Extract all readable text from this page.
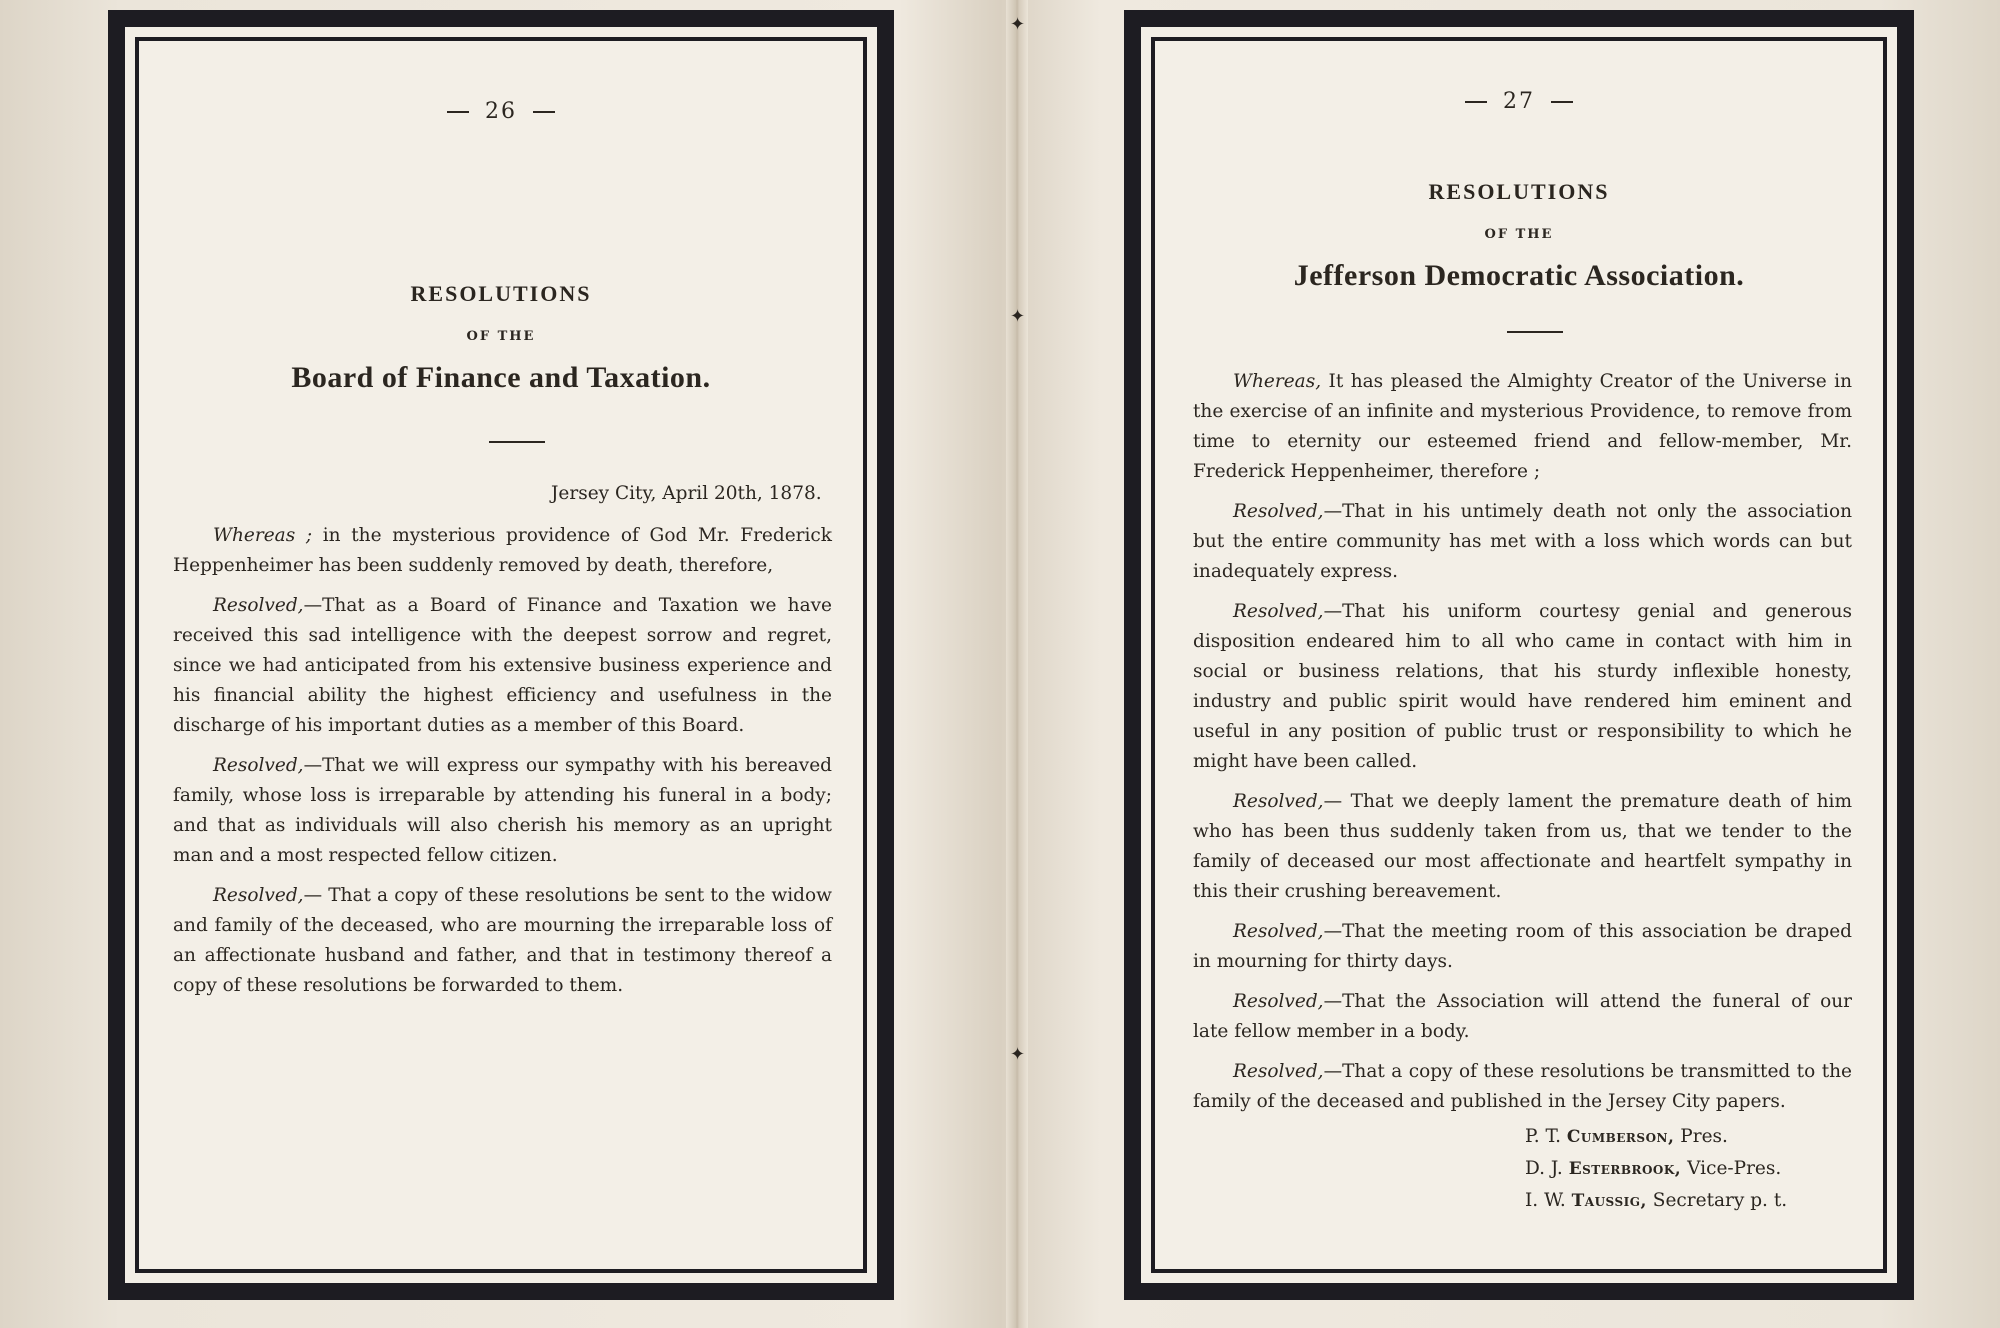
✦
✦
✦
26
RESOLUTIONS
OF THE
Board of Finance and Taxation.
Jersey City, April 20th, 1878.

Whereas ; in the mysterious providence of God Mr. Frederick Heppenheimer has been suddenly removed by death, therefore,

Resolved,—That as a Board of Finance and Taxation we have received this sad intelligence with the deepest sorrow and regret, since we had anticipated from his extensive business experience and his financial ability the highest efficiency and usefulness in the discharge of his important duties as a member of this Board.

Resolved,—That we will express our sympathy with his bereaved family, whose loss is irreparable by attending his funeral in a body; and that as individuals will also cherish his memory as an upright man and a most respected fellow citizen.

Resolved,— That a copy of these resolutions be sent to the widow and family of the deceased, who are mourning the irreparable loss of an affectionate husband and father, and that in testimony thereof a copy of these resolutions be forwarded to them.

27
RESOLUTIONS
OF THE
Jefferson Democratic Association.

Whereas, It has pleased the Almighty Creator of the Universe in the exercise of an infinite and mysterious Providence, to remove from time to eternity our esteemed friend and fellow-member, Mr. Frederick Heppenheimer, therefore ;

Resolved,—That in his untimely death not only the association but the entire community has met with a loss which words can but inadequately express.

Resolved,—That his uniform courtesy genial and generous disposition endeared him to all who came in contact with him in social or business relations, that his sturdy inflexible honesty, industry and public spirit would have rendered him eminent and useful in any position of public trust or responsibility to which he might have been called.

Resolved,— That we deeply lament the premature death of him who has been thus suddenly taken from us, that we tender to the family of deceased our most affectionate and heartfelt sympathy in this their crushing bereavement.

Resolved,—That the meeting room of this association be draped in mourning for thirty days.

Resolved,—That the Association will attend the funeral of our late fellow member in a body.

Resolved,—That a copy of these resolutions be transmitted to the family of the deceased and published in the Jersey City papers.

P. T. Cumberson, Pres.
D. J. Esterbrook, Vice-Pres.
I. W. Taussig, Secretary p. t.
